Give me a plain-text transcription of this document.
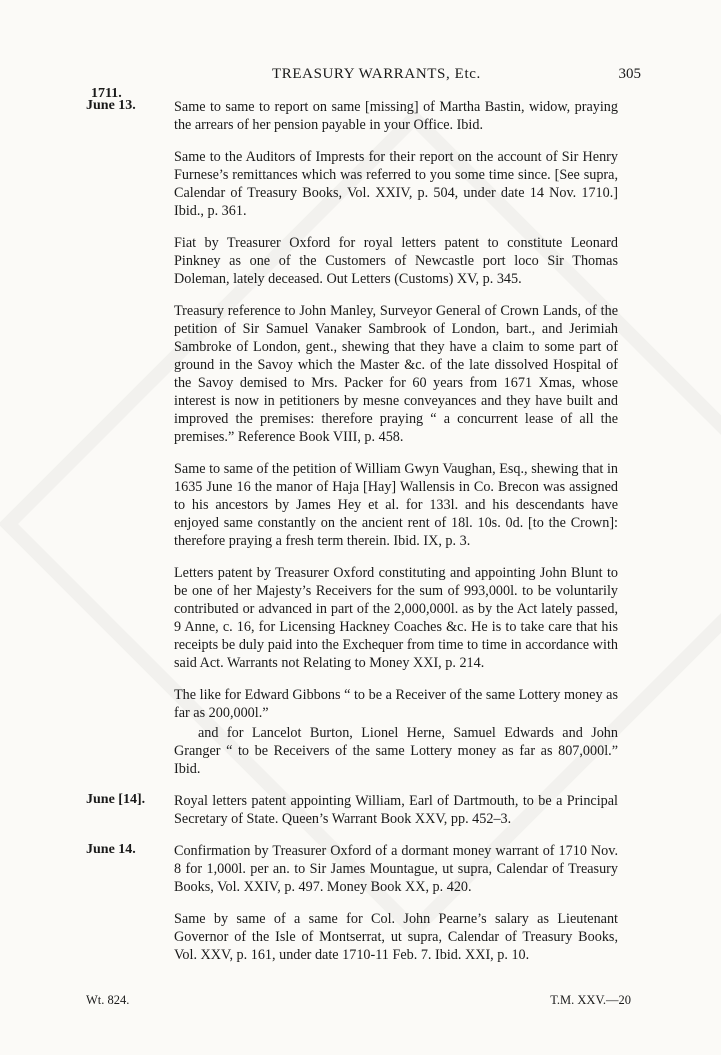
TREASURY WARRANTS, Etc.	305
1711.
June 13.	Same to same to report on same [missing] of Martha Bastin, widow, praying the arrears of her pension payable in your Office. Ibid.

Same to the Auditors of Imprests for their report on the account of Sir Henry Furnese’s remittances which was referred to you some time since. [See supra, Calendar of Treasury Books, Vol. XXIV, p. 504, under date 14 Nov. 1710.] Ibid., p. 361.

Fiat by Treasurer Oxford for royal letters patent to constitute Leonard Pinkney as one of the Customers of Newcastle port loco Sir Thomas Doleman, lately deceased. Out Letters (Customs) XV, p. 345.

Treasury reference to John Manley, Surveyor General of Crown Lands, of the petition of Sir Samuel Vanaker Sambrook of London, bart., and Jerimiah Sambroke of London, gent., shewing that they have a claim to some part of ground in the Savoy which the Master &c. of the late dissolved Hospital of the Savoy demised to Mrs. Packer for 60 years from 1671 Xmas, whose interest is now in petitioners by mesne conveyances and they have built and improved the premises: therefore praying “ a concurrent lease of all the premises.” Reference Book VIII, p. 458.

Same to same of the petition of William Gwyn Vaughan, Esq., shewing that in 1635 June 16 the manor of Haja [Hay] Wallensis in Co. Brecon was assigned to his ancestors by James Hey et al. for 133l. and his descendants have enjoyed same constantly on the ancient rent of 18l. 10s. 0d. [to the Crown]: therefore praying a fresh term therein. Ibid. IX, p. 3.

Letters patent by Treasurer Oxford constituting and appointing John Blunt to be one of her Majesty’s Receivers for the sum of 993,000l. to be voluntarily contributed or advanced in part of the 2,000,000l. as by the Act lately passed, 9 Anne, c. 16, for Licensing Hackney Coaches &c. He is to take care that his receipts be duly paid into the Exchequer from time to time in accordance with said Act. Warrants not Relating to Money XXI, p. 214.

The like for Edward Gibbons “ to be a Receiver of the same Lottery money as far as 200,000l.”

and for Lancelot Burton, Lionel Herne, Samuel Edwards and John Granger “ to be Receivers of the same Lottery money as far as 807,000l.” Ibid.

June [14]. Royal letters patent appointing William, Earl of Dartmouth, to be a Principal Secretary of State. Queen’s Warrant Book XXV, pp. 452–3.

June 14.	Confirmation by Treasurer Oxford of a dormant money warrant of 1710 Nov. 8 for 1,000l. per an. to Sir James Mountague, ut supra, Calendar of Treasury Books, Vol. XXIV, p. 497. Money Book XX, p. 420.

Same by same of a same for Col. John Pearne’s salary as Lieutenant Governor of the Isle of Montserrat, ut supra, Calendar of Treasury Books, Vol. XXV, p. 161, under date 1710-11 Feb. 7. Ibid. XXI, p. 10.

Wt. 824.	T.M. XXV.—20
